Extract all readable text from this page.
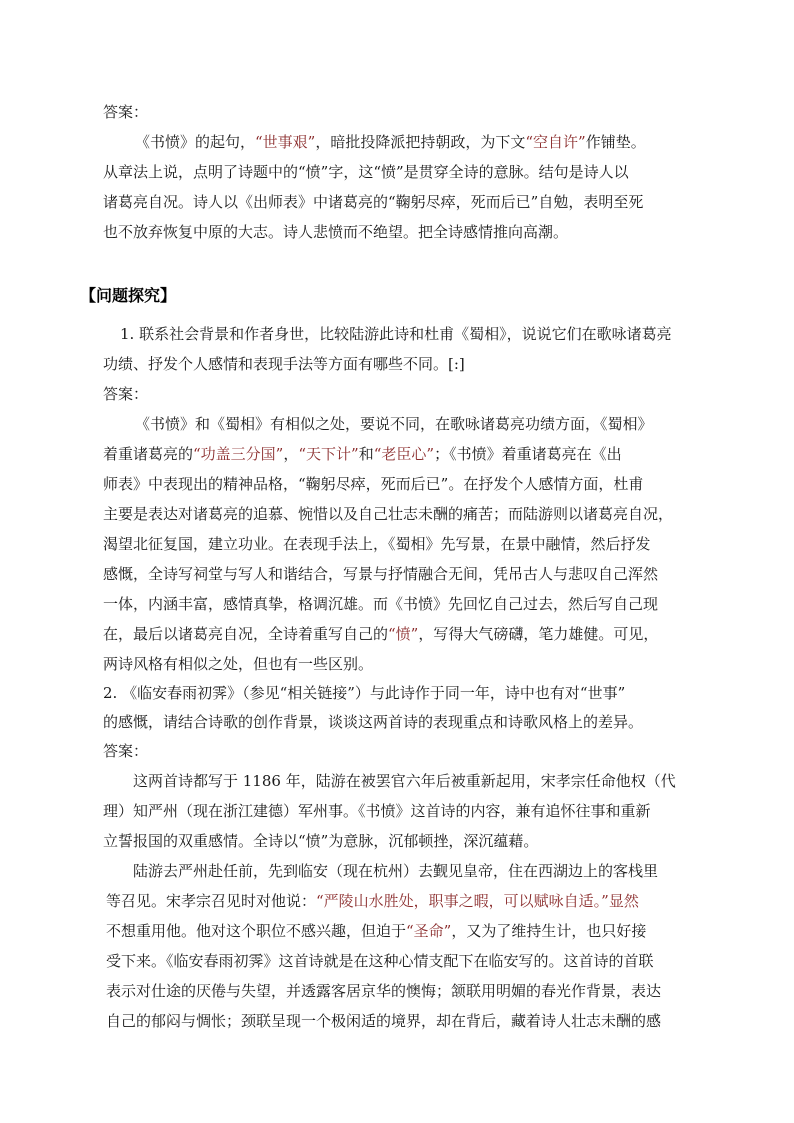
答案：
《书愤》的起句，“世事艰”，暗批投降派把持朝政，为下文“空自许”作铺垫。
从章法上说，点明了诗题中的“愤”字，这“愤”是贯穿全诗的意脉。结句是诗人以
诸葛亮自况。诗人以《出师表》中诸葛亮的“鞠躬尽瘁，死而后已”自勉，表明至死
也不放弃恢复中原的大志。诗人悲愤而不绝望。把全诗感情推向高潮。
【问题探究】
1. 联系社会背景和作者身世，比较陆游此诗和杜甫《蜀相》，说说它们在歌咏诸葛亮
功绩、抒发个人感情和表现手法等方面有哪些不同。[:]
答案：
《书愤》和《蜀相》有相似之处，要说不同，在歌咏诸葛亮功绩方面，《蜀相》
着重诸葛亮的“功盖三分国”，“天下计”和“老臣心”；《书愤》着重诸葛亮在《出
师表》中表现出的精神品格，“鞠躬尽瘁，死而后已”。在抒发个人感情方面，杜甫
主要是表达对诸葛亮的追慕、惋惜以及自己壮志未酬的痛苦；而陆游则以诸葛亮自况，
渴望北征复国，建立功业。在表现手法上，《蜀相》先写景，在景中融情，然后抒发
感慨，全诗写祠堂与写人和谐结合，写景与抒情融合无间，凭吊古人与悲叹自己浑然
一体，内涵丰富，感情真挚，格调沉雄。而《书愤》先回忆自己过去，然后写自己现
在，最后以诸葛亮自况，全诗着重写自己的“愤”，写得大气磅礴，笔力雄健。可见，
两诗风格有相似之处，但也有一些区别。
2. 《临安春雨初霁》（参见“相关链接”）与此诗作于同一年，诗中也有对“世事”
的感慨，请结合诗歌的创作背景，谈谈这两首诗的表现重点和诗歌风格上的差异。
答案：
这两首诗都写于 1186 年，陆游在被罢官六年后被重新起用，宋孝宗任命他权（代
理）知严州（现在浙江建德）军州事。《书愤》这首诗的内容，兼有追怀往事和重新
立誓报国的双重感情。全诗以“愤”为意脉，沉郁顿挫，深沉蕴藉。
陆游去严州赴任前，先到临安（现在杭州）去觐见皇帝，住在西湖边上的客栈里
等召见。宋孝宗召见时对他说：“严陵山水胜处，职事之暇，可以赋咏自适。”显然
不想重用他。他对这个职位不感兴趣，但迫于“圣命”，又为了维持生计，也只好接
受下来。《临安春雨初霁》这首诗就是在这种心情支配下在临安写的。这首诗的首联
表示对仕途的厌倦与失望，并透露客居京华的懊悔；颔联用明媚的春光作背景，表达
自己的郁闷与惆怅；颈联呈现一个极闲适的境界，却在背后，藏着诗人壮志未酬的感
